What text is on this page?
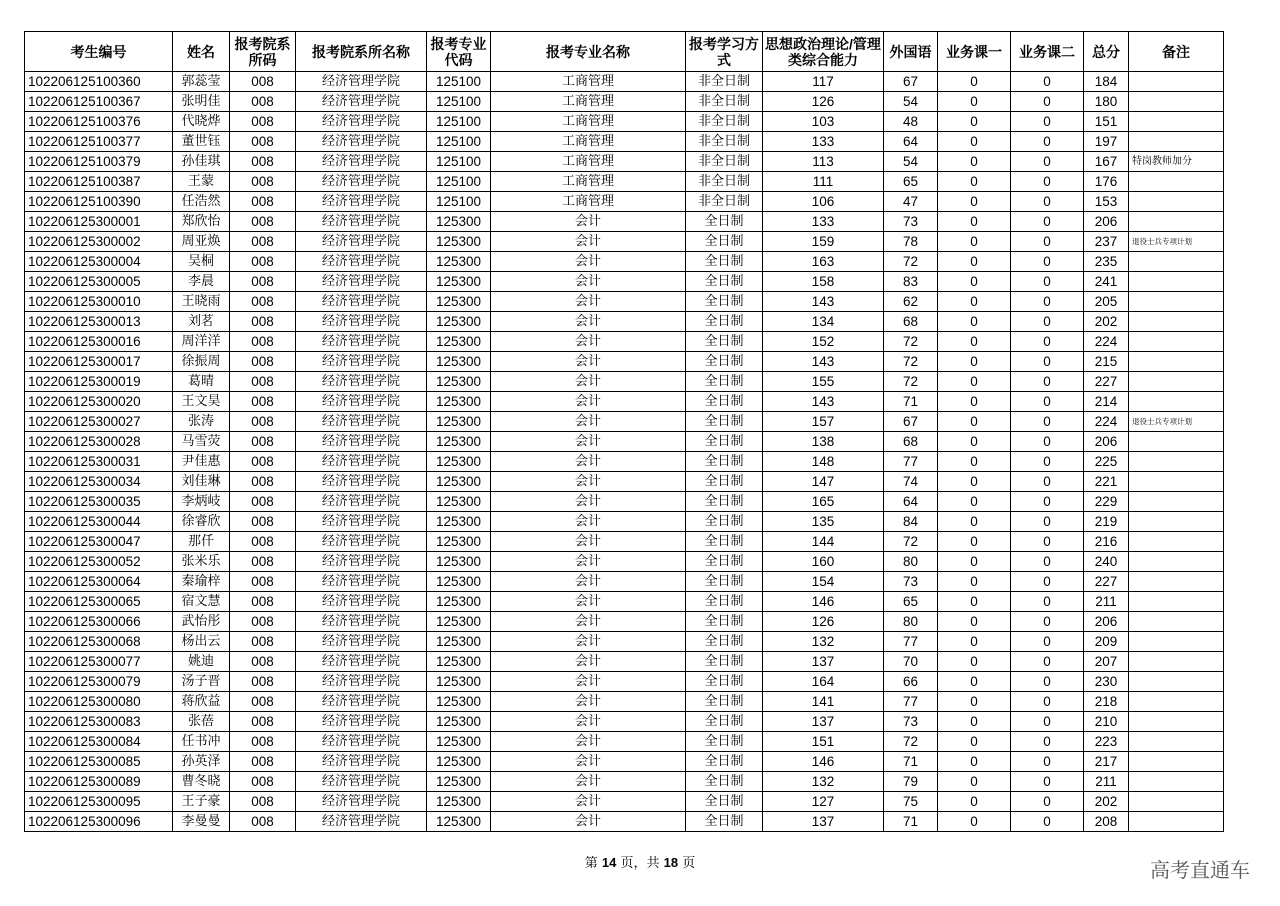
考生编号	姓名	报考院系所码	报考院系所名称	报考专业代码	报考专业名称	报考学习方式	思想政治理论/管理类综合能力	外国语	业务课一	业务课二	总分	备注
102206125100360	郭蕊莹	008	经济管理学院	125100	工商管理	非全日制	117	67	0	0	184	
102206125100367	张明佳	008	经济管理学院	125100	工商管理	非全日制	126	54	0	0	180	
102206125100376	代晓烨	008	经济管理学院	125100	工商管理	非全日制	103	48	0	0	151	
102206125100377	董世钰	008	经济管理学院	125100	工商管理	非全日制	133	64	0	0	197	
102206125100379	孙佳琪	008	经济管理学院	125100	工商管理	非全日制	113	54	0	0	167	特岗教师加分
102206125100387	王蒙	008	经济管理学院	125100	工商管理	非全日制	111	65	0	0	176	
102206125100390	任浩然	008	经济管理学院	125100	工商管理	非全日制	106	47	0	0	153	
102206125300001	郑欣怡	008	经济管理学院	125300	会计	全日制	133	73	0	0	206	
102206125300002	周亚焕	008	经济管理学院	125300	会计	全日制	159	78	0	0	237	退役士兵专项计划
102206125300004	吴桐	008	经济管理学院	125300	会计	全日制	163	72	0	0	235	
102206125300005	李晨	008	经济管理学院	125300	会计	全日制	158	83	0	0	241	
102206125300010	王晓雨	008	经济管理学院	125300	会计	全日制	143	62	0	0	205	
102206125300013	刘茗	008	经济管理学院	125300	会计	全日制	134	68	0	0	202	
102206125300016	周洋洋	008	经济管理学院	125300	会计	全日制	152	72	0	0	224	
102206125300017	徐振周	008	经济管理学院	125300	会计	全日制	143	72	0	0	215	
102206125300019	葛晴	008	经济管理学院	125300	会计	全日制	155	72	0	0	227	
102206125300020	王文昊	008	经济管理学院	125300	会计	全日制	143	71	0	0	214	
102206125300027	张涛	008	经济管理学院	125300	会计	全日制	157	67	0	0	224	退役士兵专项计划
102206125300028	马雪荧	008	经济管理学院	125300	会计	全日制	138	68	0	0	206	
102206125300031	尹佳惠	008	经济管理学院	125300	会计	全日制	148	77	0	0	225	
102206125300034	刘佳琳	008	经济管理学院	125300	会计	全日制	147	74	0	0	221	
102206125300035	李炳岐	008	经济管理学院	125300	会计	全日制	165	64	0	0	229	
102206125300044	徐睿欣	008	经济管理学院	125300	会计	全日制	135	84	0	0	219	
102206125300047	那仟	008	经济管理学院	125300	会计	全日制	144	72	0	0	216	
102206125300052	张米乐	008	经济管理学院	125300	会计	全日制	160	80	0	0	240	
102206125300064	秦瑜梓	008	经济管理学院	125300	会计	全日制	154	73	0	0	227	
102206125300065	宿文慧	008	经济管理学院	125300	会计	全日制	146	65	0	0	211	
102206125300066	武怡彤	008	经济管理学院	125300	会计	全日制	126	80	0	0	206	
102206125300068	杨出云	008	经济管理学院	125300	会计	全日制	132	77	0	0	209	
102206125300077	姚迪	008	经济管理学院	125300	会计	全日制	137	70	0	0	207	
102206125300079	汤子晋	008	经济管理学院	125300	会计	全日制	164	66	0	0	230	
102206125300080	蒋欣益	008	经济管理学院	125300	会计	全日制	141	77	0	0	218	
102206125300083	张蓓	008	经济管理学院	125300	会计	全日制	137	73	0	0	210	
102206125300084	任书冲	008	经济管理学院	125300	会计	全日制	151	72	0	0	223	
102206125300085	孙英泽	008	经济管理学院	125300	会计	全日制	146	71	0	0	217	
102206125300089	曹冬晓	008	经济管理学院	125300	会计	全日制	132	79	0	0	211	
102206125300095	王子豪	008	经济管理学院	125300	会计	全日制	127	75	0	0	202	
102206125300096	李曼曼	008	经济管理学院	125300	会计	全日制	137	71	0	0	208	
第 14 页，共 18 页	高考直通车
